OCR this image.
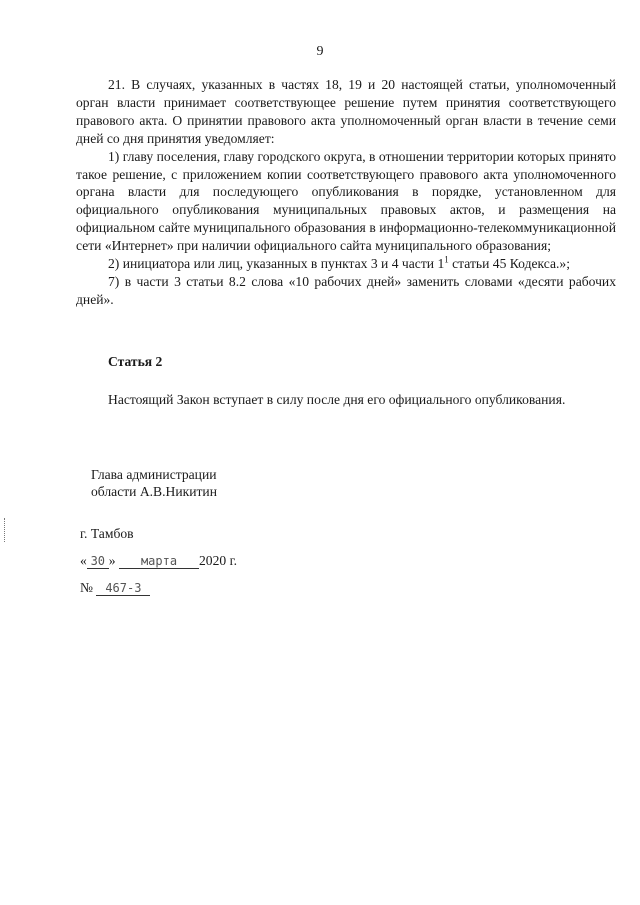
9

21. В случаях, указанных в частях 18, 19 и 20 настоящей статьи, уполномоченный орган власти принимает соответствующее решение путем принятия соответствующего правового акта. О принятии правового акта уполномоченный орган власти в течение семи дней со дня принятия уведомляет:

1) главу поселения, главу городского округа, в отношении территории которых принято такое решение, с приложением копии соответствующего правового акта уполномоченного органа власти для последующего опубликования в порядке, установленном для официального опубликования муниципальных правовых актов, и размещения на официальном сайте муниципального образования в информационно-телекоммуникационной сети «Интернет» при наличии официального сайта муниципального образования;

2) инициатора или лиц, указанных в пунктах 3 и 4 части $1^1$ статьи 45 Кодекса.»;

7) в части 3 статьи 8.2 слова «10 рабочих дней» заменить словами «десяти рабочих дней».

Статья 2

Настоящий Закон вступает в силу после дня его официального опубликования.

Глава администрации
области А.В.Никитин
г. Тамбов
« 30 » марта 2020 г.
№ 467-З
